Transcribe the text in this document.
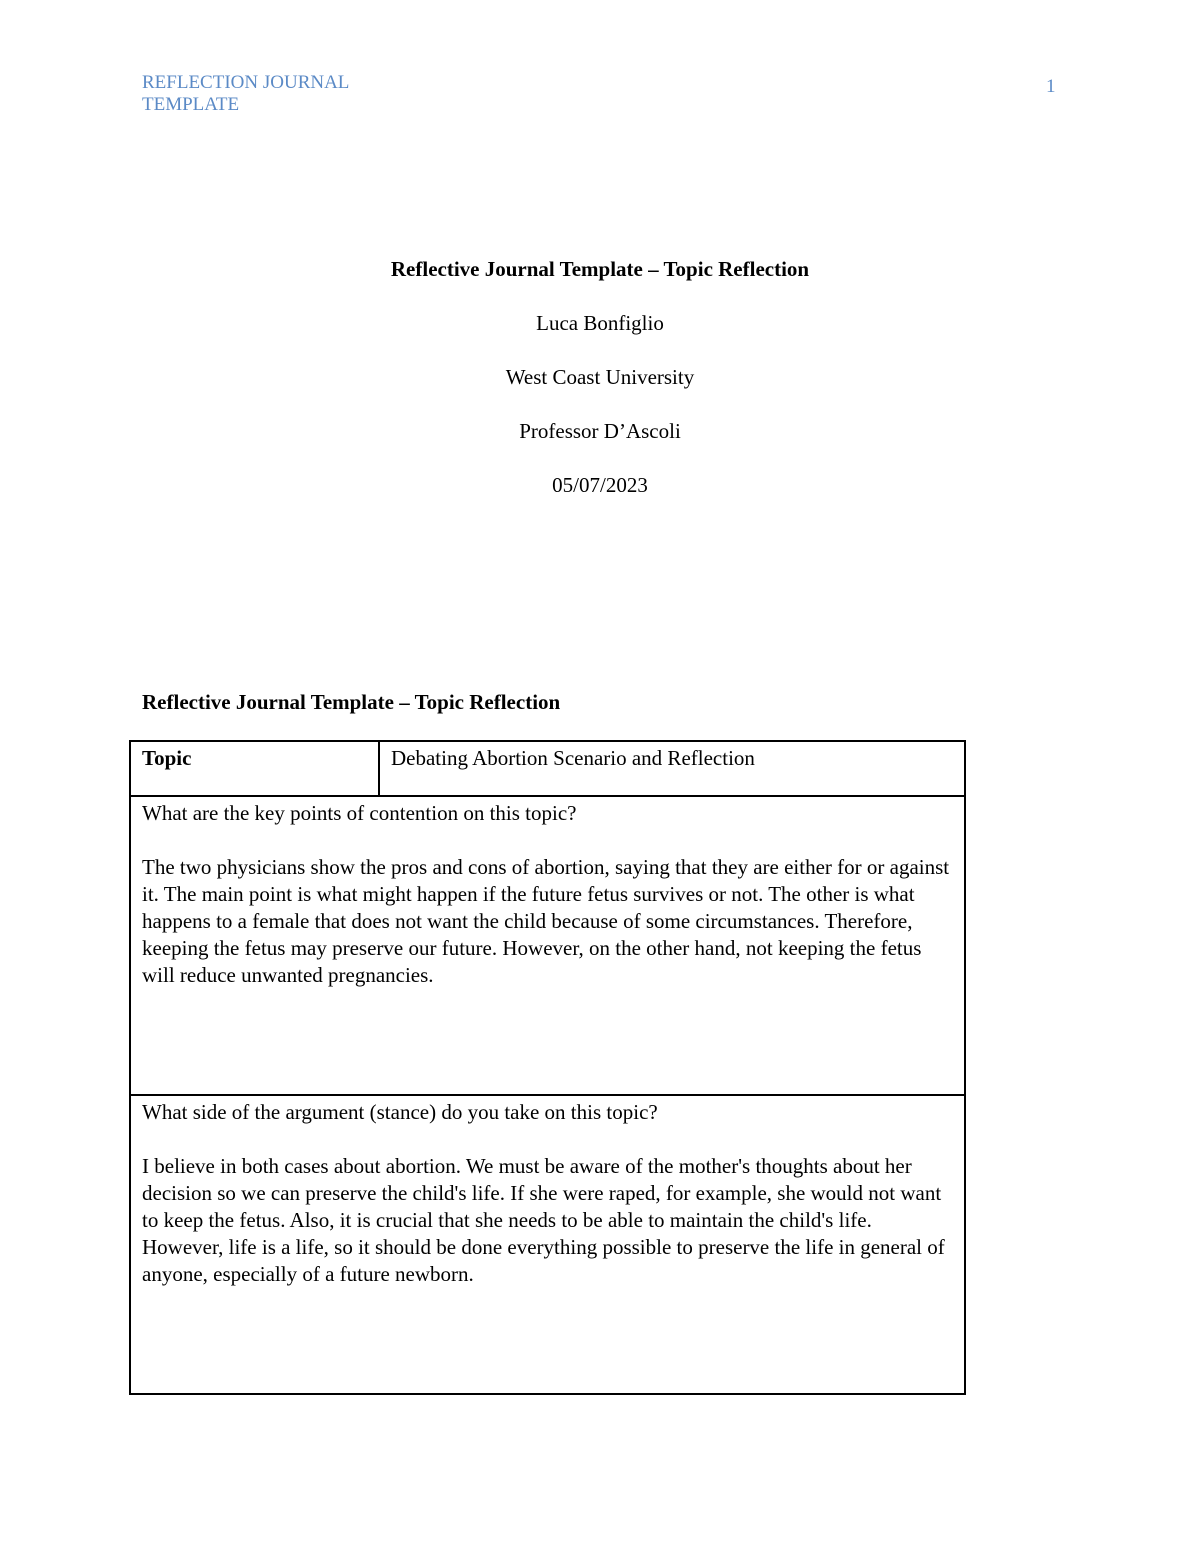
REFLECTION JOURNAL TEMPLATE
1
Reflective Journal Template – Topic Reflection
Luca Bonfiglio
West Coast University
Professor D’Ascoli
05/07/2023
Reflective Journal Template – Topic Reflection
Topic	Debating Abortion Scenario and Reflection

What are the key points of contention on this topic?
The two physicians show the pros and cons of abortion, saying that they are either for or against it. The main point is what might happen if the future fetus survives or not. The other is what happens to a female that does not want the child because of some circumstances. Therefore, keeping the fetus may preserve our future. However, on the other hand, not keeping the fetus will reduce unwanted pregnancies.

What side of the argument (stance) do you take on this topic?
I believe in both cases about abortion. We must be aware of the mother's thoughts about her decision so we can preserve the child's life. If she were raped, for example, she would not want to keep the fetus. Also, it is crucial that she needs to be able to maintain the child's life. However, life is a life, so it should be done everything possible to preserve the life in general of anyone, especially of a future newborn.
